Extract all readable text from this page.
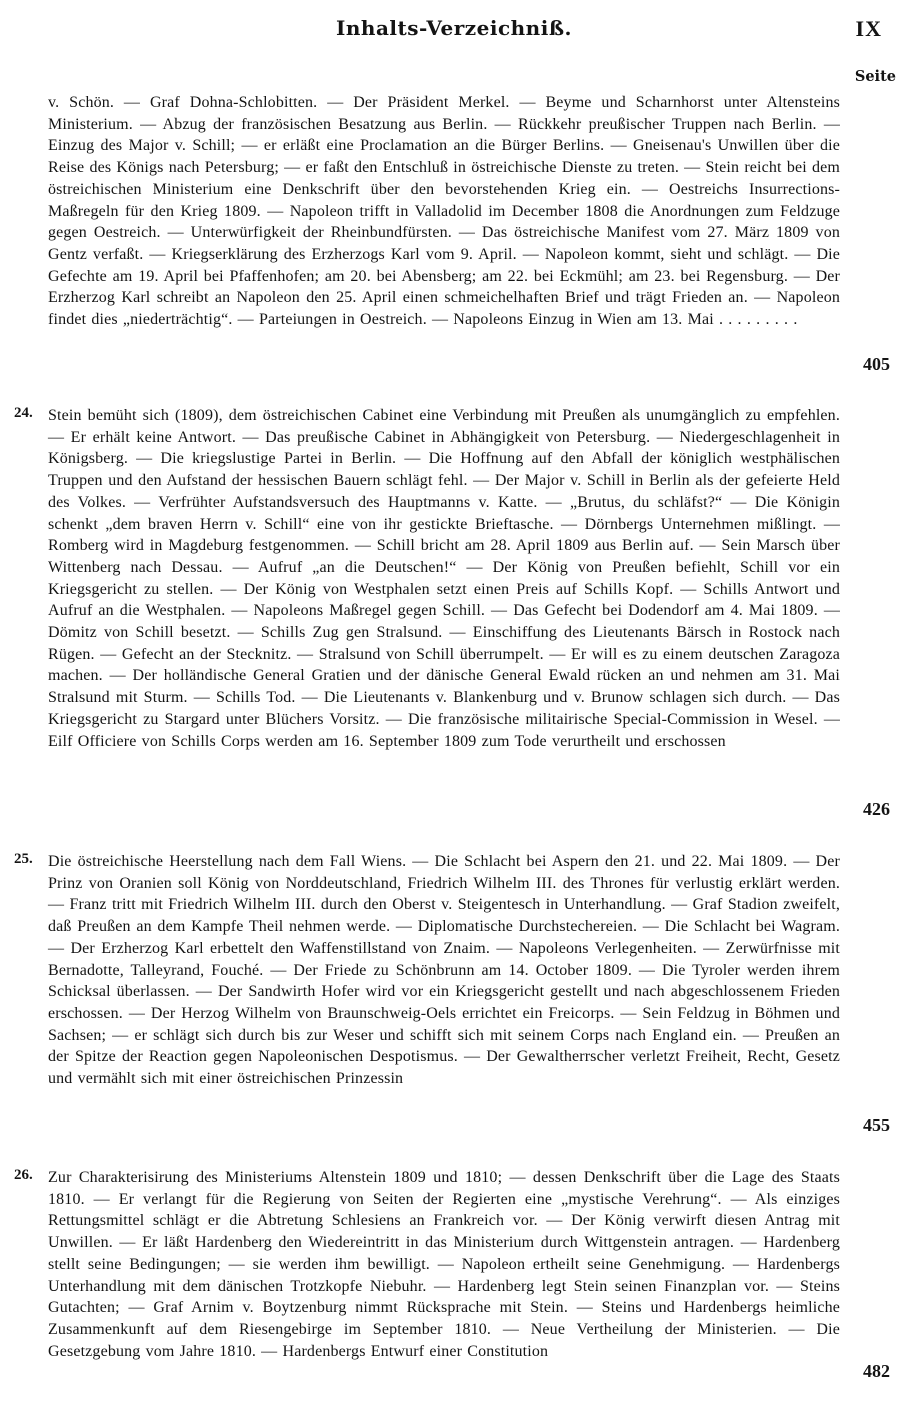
Inhalts-Verzeichniß.	IX
Seite

v. Schön. — Graf Dohna-Schlobitten. — Der Präsident Merkel. — Beyme und Scharnhorst unter Altensteins Ministerium. — Abzug der französischen Besatzung aus Berlin. — Rückkehr preußischer Truppen nach Berlin. — Einzug des Major v. Schill; — er erläßt eine Proclamation an die Bürger Berlins. — Gneisenau's Unwillen über die Reise des Königs nach Petersburg; — er faßt den Entschluß in östreichische Dienste zu treten. — Stein reicht bei dem östreichischen Ministerium eine Denkschrift über den bevorstehenden Krieg ein. — Oestreichs Insurrections-Maßregeln für den Krieg 1809. — Napoleon trifft in Valladolid im December 1808 die Anordnungen zum Feldzuge gegen Oestreich. — Unterwürfigkeit der Rheinbundfürsten. — Das östreichische Manifest vom 27. März 1809 von Gentz verfaßt. — Kriegserklärung des Erzherzogs Karl vom 9. April. — Napoleon kommt, sieht und schlägt. — Die Gefechte am 19. April bei Pfaffenhofen; am 20. bei Abensberg; am 22. bei Eckmühl; am 23. bei Regensburg. — Der Erzherzog Karl schreibt an Napoleon den 25. April einen schmeichelhaften Brief und trägt Frieden an. — Napoleon findet dies „niederträchtig“. — Parteiungen in Oestreich. — Napoleons Einzug in Wien am 13. Mai . . . . . . . . .

405
24. Stein bemüht sich (1809), dem östreichischen Cabinet eine Verbindung mit Preußen als unumgänglich zu empfehlen. — Er erhält keine Antwort. — Das preußische Cabinet in Abhängigkeit von Petersburg. — Niedergeschlagenheit in Königsberg. — Die kriegslustige Partei in Berlin. — Die Hoffnung auf den Abfall der königlich westphälischen Truppen und den Aufstand der hessischen Bauern schlägt fehl. — Der Major v. Schill in Berlin als der gefeierte Held des Volkes. — Verfrühter Aufstandsversuch des Hauptmanns v. Katte. — „Brutus, du schläfst?“ — Die Königin schenkt „dem braven Herrn v. Schill“ eine von ihr gestickte Brieftasche. — Dörnbergs Unternehmen mißlingt. — Romberg wird in Magdeburg festgenommen. — Schill bricht am 28. April 1809 aus Berlin auf. — Sein Marsch über Wittenberg nach Dessau. — Aufruf „an die Deutschen!“ — Der König von Preußen befiehlt, Schill vor ein Kriegsgericht zu stellen. — Der König von Westphalen setzt einen Preis auf Schills Kopf. — Schills Antwort und Aufruf an die Westphalen. — Napoleons Maßregel gegen Schill. — Das Gefecht bei Dodendorf am 4. Mai 1809. — Dömitz von Schill besetzt. — Schills Zug gen Stralsund. — Einschiffung des Lieutenants Bärsch in Rostock nach Rügen. — Gefecht an der Stecknitz. — Stralsund von Schill überrumpelt. — Er will es zu einem deutschen Zaragoza machen. — Der holländische General Gratien und der dänische General Ewald rücken an und nehmen am 31. Mai Stralsund mit Sturm. — Schills Tod. — Die Lieutenants v. Blankenburg und v. Brunow schlagen sich durch. — Das Kriegsgericht zu Stargard unter Blüchers Vorsitz. — Die französische militairische Special-Commission in Wesel. — Eilf Officiere von Schills Corps werden am 16. September 1809 zum Tode verurtheilt und erschossen

426
25. Die östreichische Heerstellung nach dem Fall Wiens. — Die Schlacht bei Aspern den 21. und 22. Mai 1809. — Der Prinz von Oranien soll König von Norddeutschland, Friedrich Wilhelm III. des Thrones für verlustig erklärt werden. — Franz tritt mit Friedrich Wilhelm III. durch den Oberst v. Steigentesch in Unterhandlung. — Graf Stadion zweifelt, daß Preußen an dem Kampfe Theil nehmen werde. — Diplomatische Durchstechereien. — Die Schlacht bei Wagram. — Der Erzherzog Karl erbettelt den Waffenstillstand von Znaim. — Napoleons Verlegenheiten. — Zerwürfnisse mit Bernadotte, Talleyrand, Fouché. — Der Friede zu Schönbrunn am 14. October 1809. — Die Tyroler werden ihrem Schicksal überlassen. — Der Sandwirth Hofer wird vor ein Kriegsgericht gestellt und nach abgeschlossenem Frieden erschossen. — Der Herzog Wilhelm von Braunschweig-Oels errichtet ein Freicorps. — Sein Feldzug in Böhmen und Sachsen; — er schlägt sich durch bis zur Weser und schifft sich mit seinem Corps nach England ein. — Preußen an der Spitze der Reaction gegen Napoleonischen Despotismus. — Der Gewaltherrscher verletzt Freiheit, Recht, Gesetz und vermählt sich mit einer östreichischen Prinzessin

455
26. Zur Charakterisirung des Ministeriums Altenstein 1809 und 1810; — dessen Denkschrift über die Lage des Staats 1810. — Er verlangt für die Regierung von Seiten der Regierten eine „mystische Verehrung“. — Als einziges Rettungsmittel schlägt er die Abtretung Schlesiens an Frankreich vor. — Der König verwirft diesen Antrag mit Unwillen. — Er läßt Hardenberg den Wiedereintritt in das Ministerium durch Wittgenstein antragen. — Hardenberg stellt seine Bedingungen; — sie werden ihm bewilligt. — Napoleon ertheilt seine Genehmigung. — Hardenbergs Unterhandlung mit dem dänischen Trotzkopfe Niebuhr. — Hardenberg legt Stein seinen Finanzplan vor. — Steins Gutachten; — Graf Arnim v. Boytzenburg nimmt Rücksprache mit Stein. — Steins und Hardenbergs heimliche Zusammenkunft auf dem Riesengebirge im September 1810. — Neue Vertheilung der Ministerien. — Die Gesetzgebung vom Jahre 1810. — Hardenbergs Entwurf einer Constitution

482
